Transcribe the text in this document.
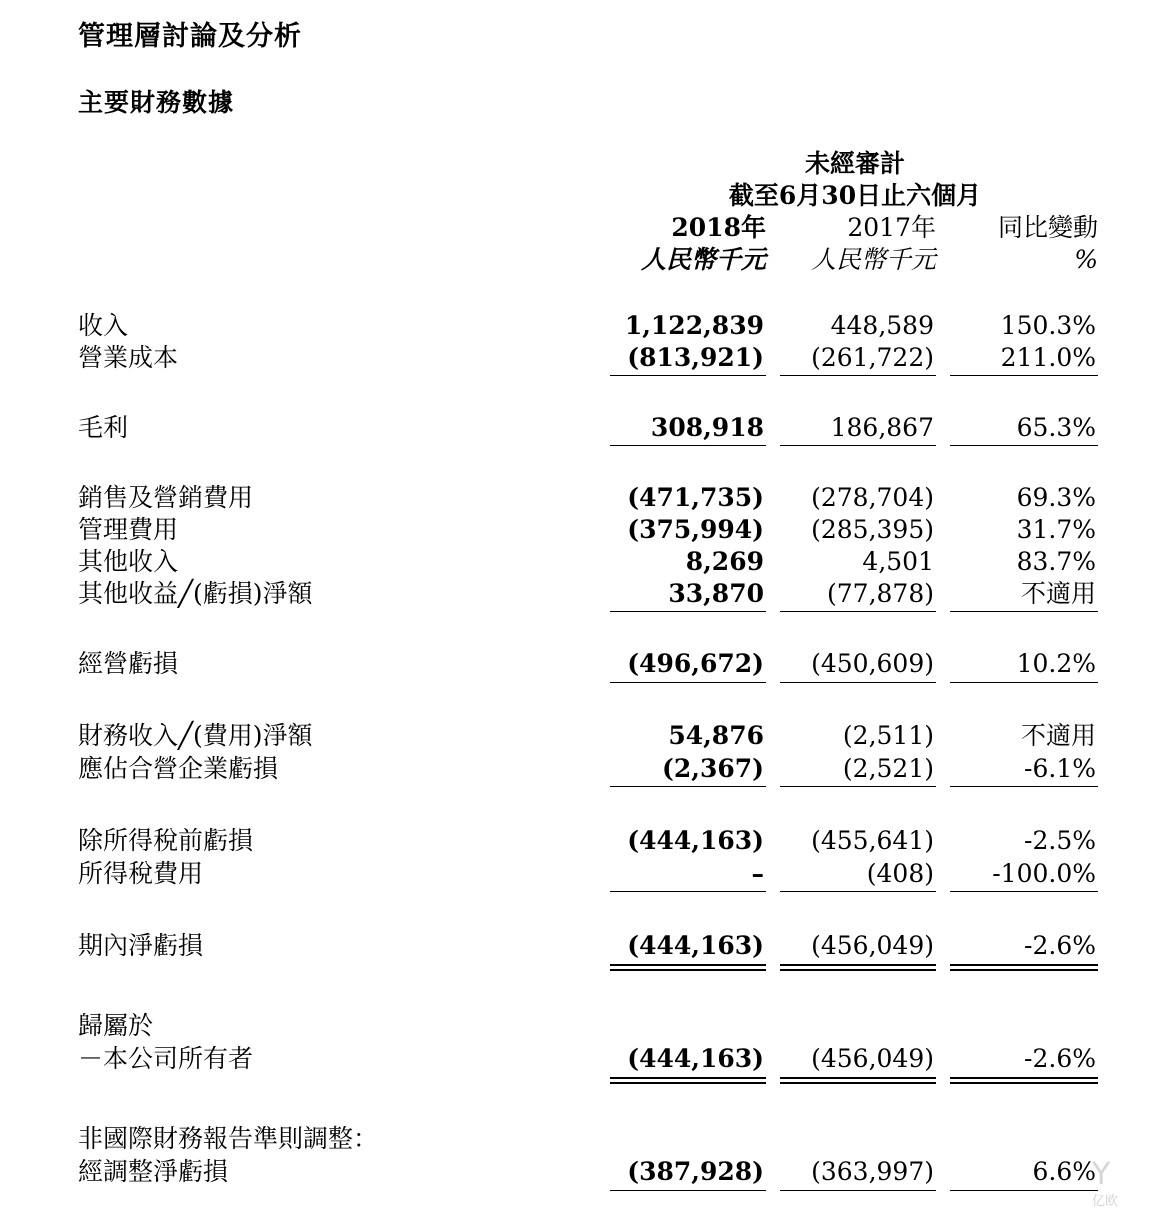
管理層討論及分析
主要財務數據
未經審計
截至6月30日止六個月
2018年	2017年	同比變動
人民幣千元	人民幣千元	%
收入	1,122,839	448,589	150.3%
營業成本	(813,921)	(261,722)	211.0%
毛利	308,918	186,867	65.3%
銷售及營銷費用	(471,735)	(278,704)	69.3%
管理費用	(375,994)	(285,395)	31.7%
其他收入	8,269	4,501	83.7%
其他收益╱(虧損)淨額	33,870	(77,878)	不適用
經營虧損	(496,672)	(450,609)	10.2%
財務收入╱(費用)淨額	54,876	(2,511)	不適用
應佔合營企業虧損	(2,367)	(2,521)	-6.1%
除所得稅前虧損	(444,163)	(455,641)	-2.5%
所得稅費用	–	(408)	-100.0%
期內淨虧損	(444,163)	(456,049)	-2.6%
歸屬於
－本公司所有者	(444,163)	(456,049)	-2.6%
非國際財務報告準則調整：
經調整淨虧損	(387,928)	(363,997)	6.6%
Y
亿欧
